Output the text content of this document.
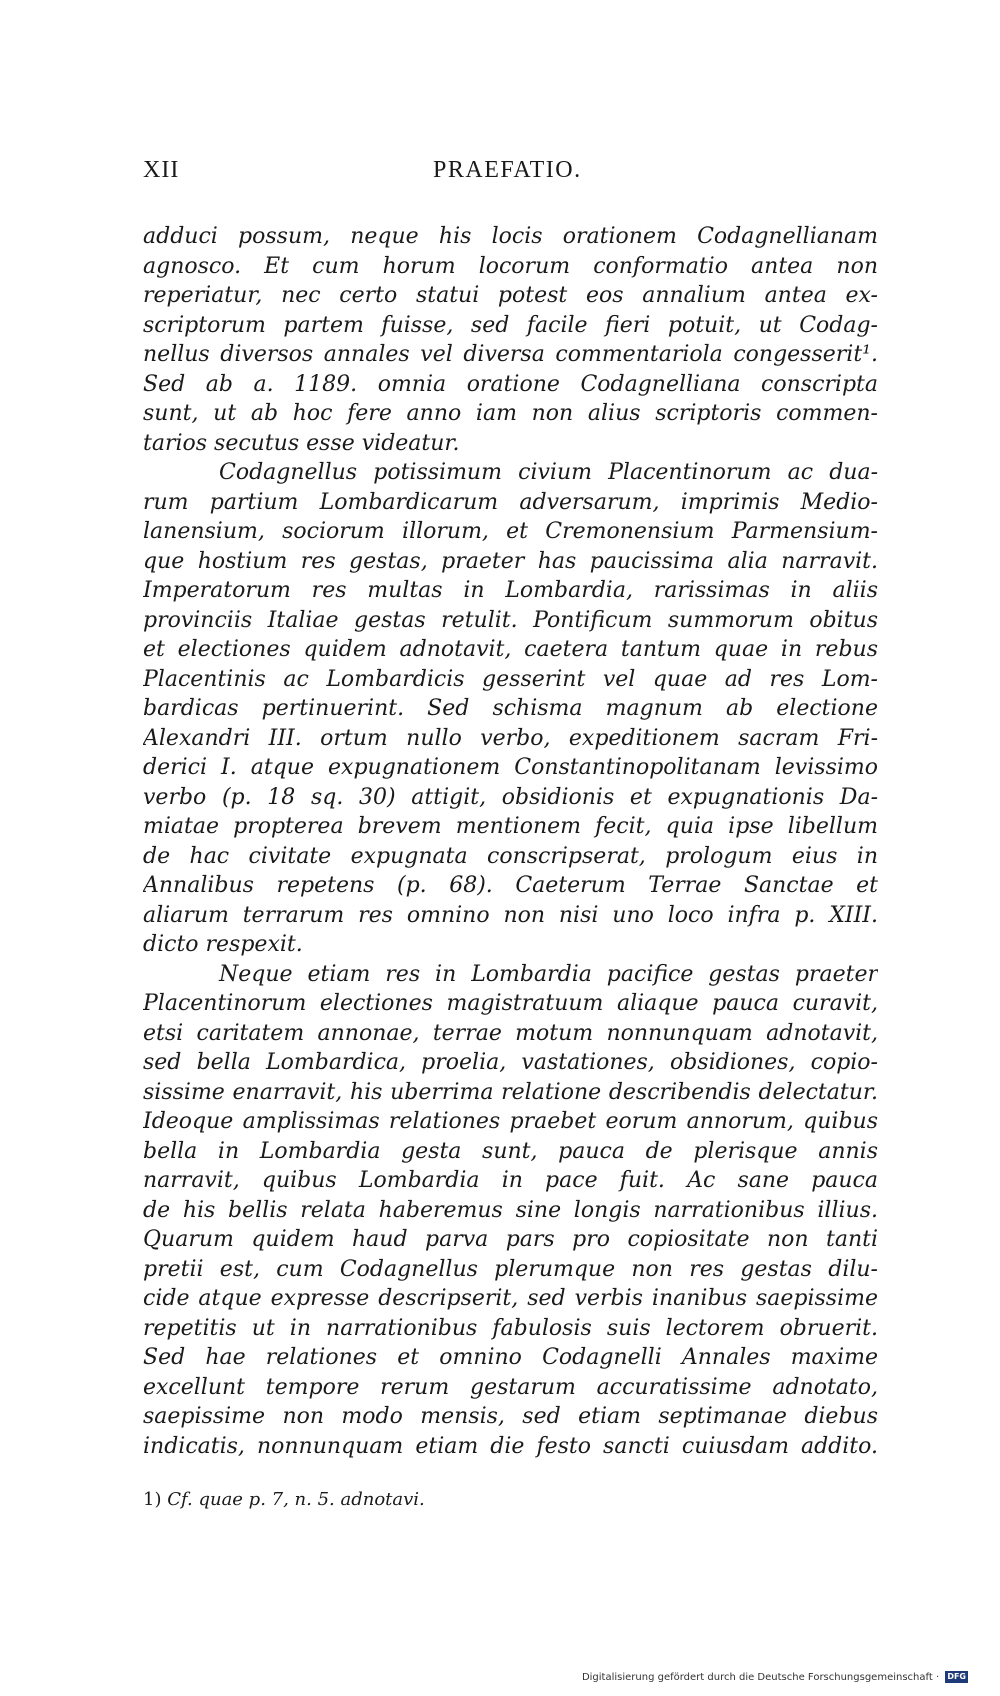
XII	PRAEFATIO.
adduci possum, neque his locis orationem Codagnellianam
agnosco. Et cum horum locorum conformatio antea non
reperiatur, nec certo statui potest eos annalium antea ex-
scriptorum partem fuisse, sed facile fieri potuit, ut Codag-
nellus diversos annales vel diversa commentariola congesserit¹.
Sed ab a. 1189. omnia oratione Codagnelliana conscripta
sunt, ut ab hoc fere anno iam non alius scriptoris commen-
tarios secutus esse videatur.
Codagnellus potissimum civium Placentinorum ac dua-
rum partium Lombardicarum adversarum, imprimis Medio-
lanensium, sociorum illorum, et Cremonensium Parmensium-
que hostium res gestas, praeter has paucissima alia narravit.
Imperatorum res multas in Lombardia, rarissimas in aliis
provinciis Italiae gestas retulit. Pontificum summorum obitus
et electiones quidem adnotavit, caetera tantum quae in rebus
Placentinis ac Lombardicis gesserint vel quae ad res Lom-
bardicas pertinuerint. Sed schisma magnum ab electione
Alexandri III. ortum nullo verbo, expeditionem sacram Fri-
derici I. atque expugnationem Constantinopolitanam levissimo
verbo (p. 18 sq. 30) attigit, obsidionis et expugnationis Da-
miatae propterea brevem mentionem fecit, quia ipse libellum
de hac civitate expugnata conscripserat, prologum eius in
Annalibus repetens (p. 68). Caeterum Terrae Sanctae et
aliarum terrarum res omnino non nisi uno loco infra p. XIII.
dicto respexit.
Neque etiam res in Lombardia pacifice gestas praeter
Placentinorum electiones magistratuum aliaque pauca curavit,
etsi caritatem annonae, terrae motum nonnunquam adnotavit,
sed bella Lombardica, proelia, vastationes, obsidiones, copio-
sissime enarravit, his uberrima relatione describendis delectatur.
Ideoque amplissimas relationes praebet eorum annorum, quibus
bella in Lombardia gesta sunt, pauca de plerisque annis
narravit, quibus Lombardia in pace fuit. Ac sane pauca
de his bellis relata haberemus sine longis narrationibus illius.
Quarum quidem haud parva pars pro copiositate non tanti
pretii est, cum Codagnellus plerumque non res gestas dilu-
cide atque expresse descripserit, sed verbis inanibus saepissime
repetitis ut in narrationibus fabulosis suis lectorem obruerit.
Sed hae relationes et omnino Codagnelli Annales maxime
excellunt tempore rerum gestarum accuratissime adnotato,
saepissime non modo mensis, sed etiam septimanae diebus
indicatis, nonnunquam etiam die festo sancti cuiusdam addito.
1) Cf. quae p. 7, n. 5. adnotavi.
Digitalisierung gefördert durch die Deutsche Forschungsgemeinschaft · DFG
